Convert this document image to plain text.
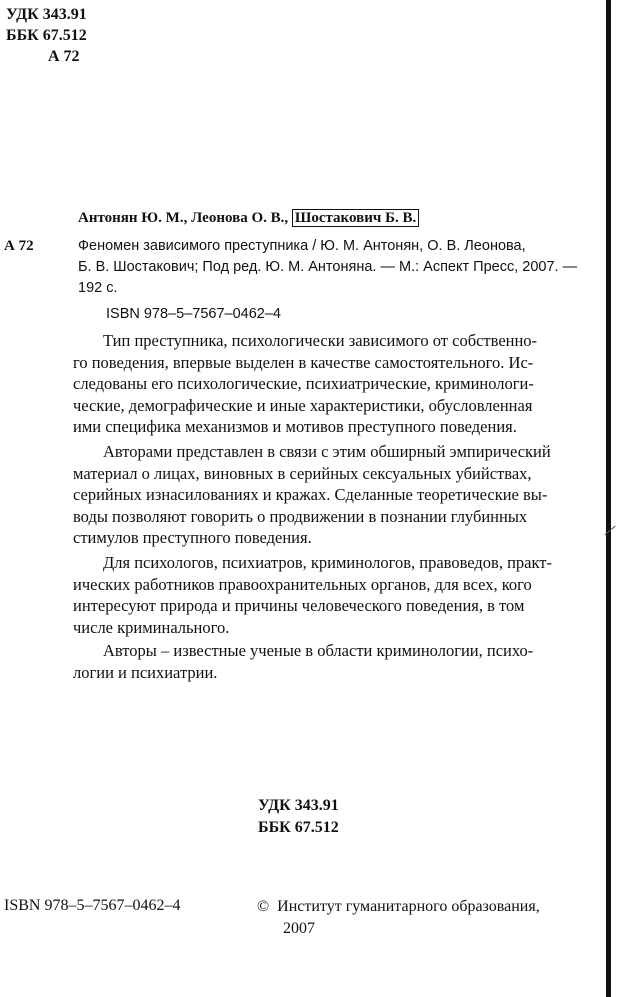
УДК 343.91
ББК 67.512
А 72
Антонян Ю. М., Леонова О. В., Шостакович Б. В.
А 72	Феномен зависимого преступника / Ю. М. Антонян, О. В. Леонова,
Б. В. Шостакович; Под ред. Ю. М. Антоняна. — М.: Аспект Пресс, 2007. —
192 с.
ISBN 978–5–7567–0462–4
Тип преступника, психологически зависимого от собственно-
го поведения, впервые выделен в качестве самостоятельного. Ис-
следованы его психологические, психиатрические, криминологи-
ческие, демографические и иные характеристики, обусловленная
ими специфика механизмов и мотивов преступного поведения.
Авторами представлен в связи с этим обширный эмпирический
материал о лицах, виновных в серийных сексуальных убийствах,
серийных изнасилованиях и кражах. Сделанные теоретические вы-
воды позволяют говорить о продвижении в познании глубинных
стимулов преступного поведения.
Для психологов, психиатров, криминологов, правоведов, практ-
ических работников правоохранительных органов, для всех, кого
интересуют природа и причины человеческого поведения, в том
числе криминального.
Авторы – известные ученые в области криминологии, психо-
логии и психиатрии.
УДК 343.91
ББК 67.512
ISBN 978–5–7567–0462–4	© Институт гуманитарного образования,
2007
